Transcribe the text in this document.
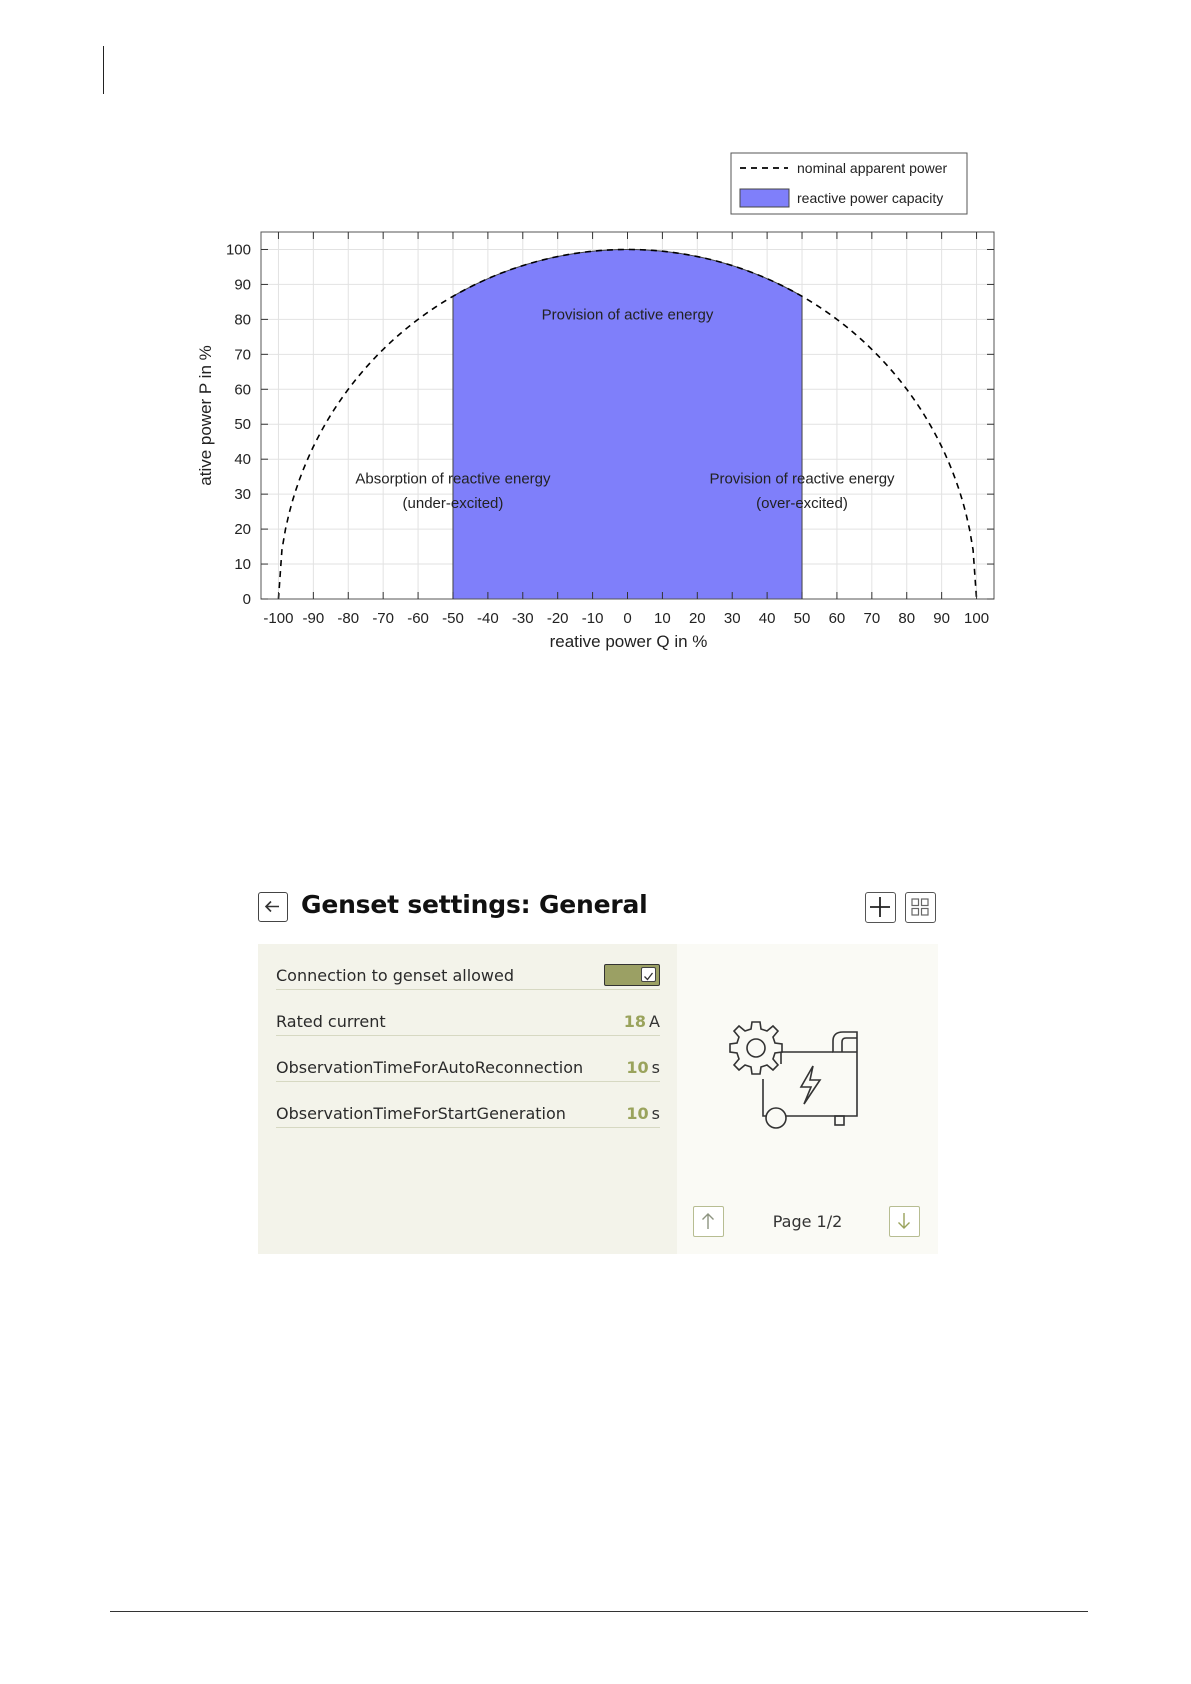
-100 -90 -80 -70 -60 -50 -40 -30 -20 -10 0 10 20 30 40 50 60 70 80 90 100
0
10
20
30
40
50
60
70
80
90
100
reative power Q in %
ative power P in %
Provision of active energy
Absorption of reactive energy
(under-excited)
Provision of reactive energy
(over-excited)
nominal apparent power
reactive power capacity
Genset settings: General
Connection to genset allowed
Rated current	18 A
ObservationTimeForAutoReconnection	10 s
ObservationTimeForStartGeneration	10 s
Page 1/2
